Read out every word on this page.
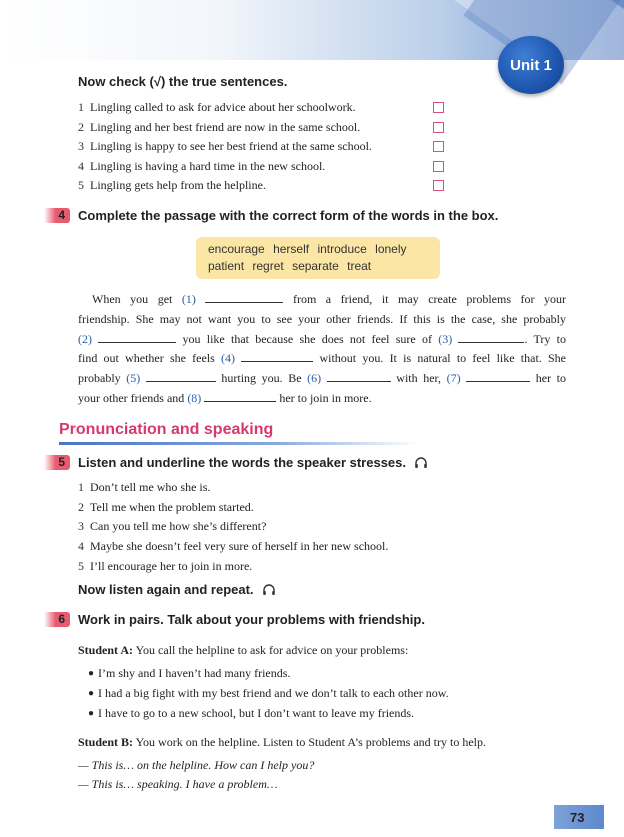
Unit 1
Now check (√) the true sentences.
1 Lingling called to ask for advice about her schoolwork.
2 Lingling and her best friend are now in the same school.
3 Lingling is happy to see her best friend at the same school.
4 Lingling is having a hard time in the new school.
5 Lingling gets help from the helpline.
4	Complete the passage with the correct form of the words in the box.
encourage herself introduce lonely
patient regret separate treat
When you get (1)	from a friend, it may create problems for your
friendship. She may not want you to see your other friends. If this is the case, she probably
(2)	you like that because she does not feel sure of (3)	. Try to
find out whether she feels (4)	without you. It is natural to feel like that. She
probably (5)	hurting you. Be (6)	with her, (7)	her to
your other friends and (8)	her to join in more.
Pronunciation and speaking
5	Listen and underline the words the speaker stresses.
1 Don’t tell me who she is.
2 Tell me when the problem started.
3 Can you tell me how she’s different?
4 Maybe she doesn’t feel very sure of herself in her new school.
5 I’ll encourage her to join in more.
Now listen again and repeat.
6	Work in pairs. Talk about your problems with friendship.
Student A: You call the helpline to ask for advice on your problems:
● I’m shy and I haven’t had many friends.
● I had a big fight with my best friend and we don’t talk to each other now.
● I have to go to a new school, but I don’t want to leave my friends.
Student B: You work on the helpline. Listen to Student A’s problems and try to help.
— This is… on the helpline. How can I help you?
— This is… speaking. I have a problem…
73
